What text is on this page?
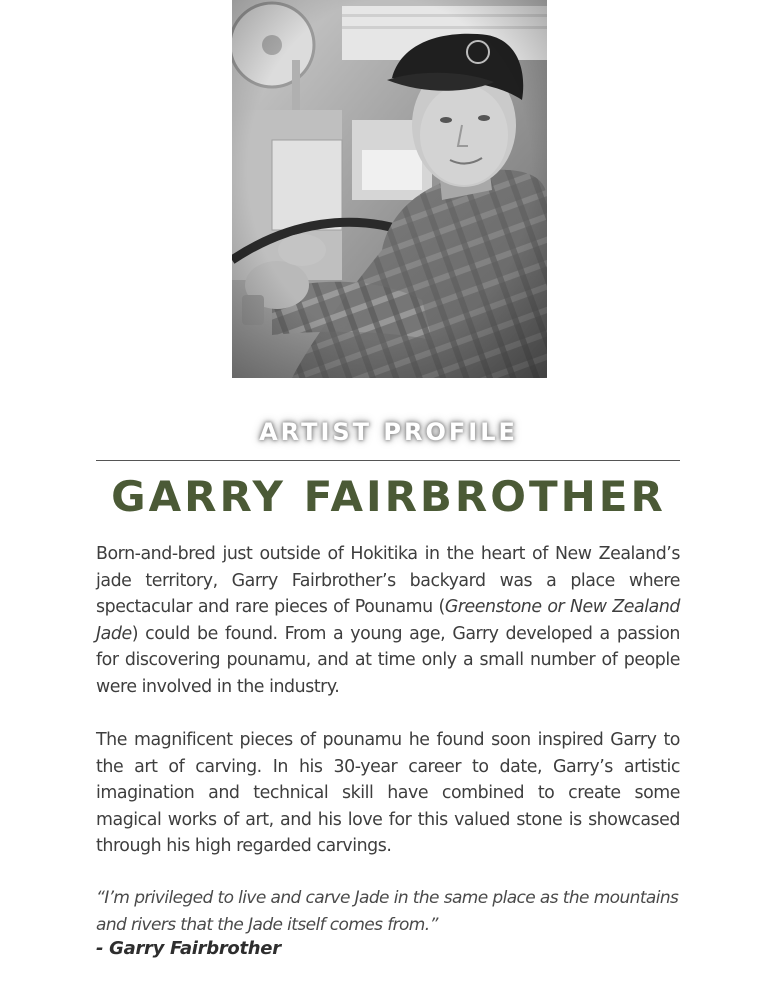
ARTIST PROFILE
GARRY FAIRBROTHER

Born-and-bred just outside of Hokitika in the heart of New Zealand’s jade territory, Garry Fairbrother’s backyard was a place where spectacular and rare pieces of Pounamu (Greenstone or New Zealand Jade) could be found. From a young age, Garry developed a passion for discovering pounamu, and at time only a small number of people were involved in the industry.

The magnificent pieces of pounamu he found soon inspired Garry to the art of carving. In his 30-year career to date, Garry’s artistic imagination and technical skill have combined to create some magical works of art, and his love for this valued stone is showcased through his high regarded carvings.

“I’m privileged to live and carve Jade in the same place as the mountains and rivers that the Jade itself comes from.”

- Garry Fairbrother
